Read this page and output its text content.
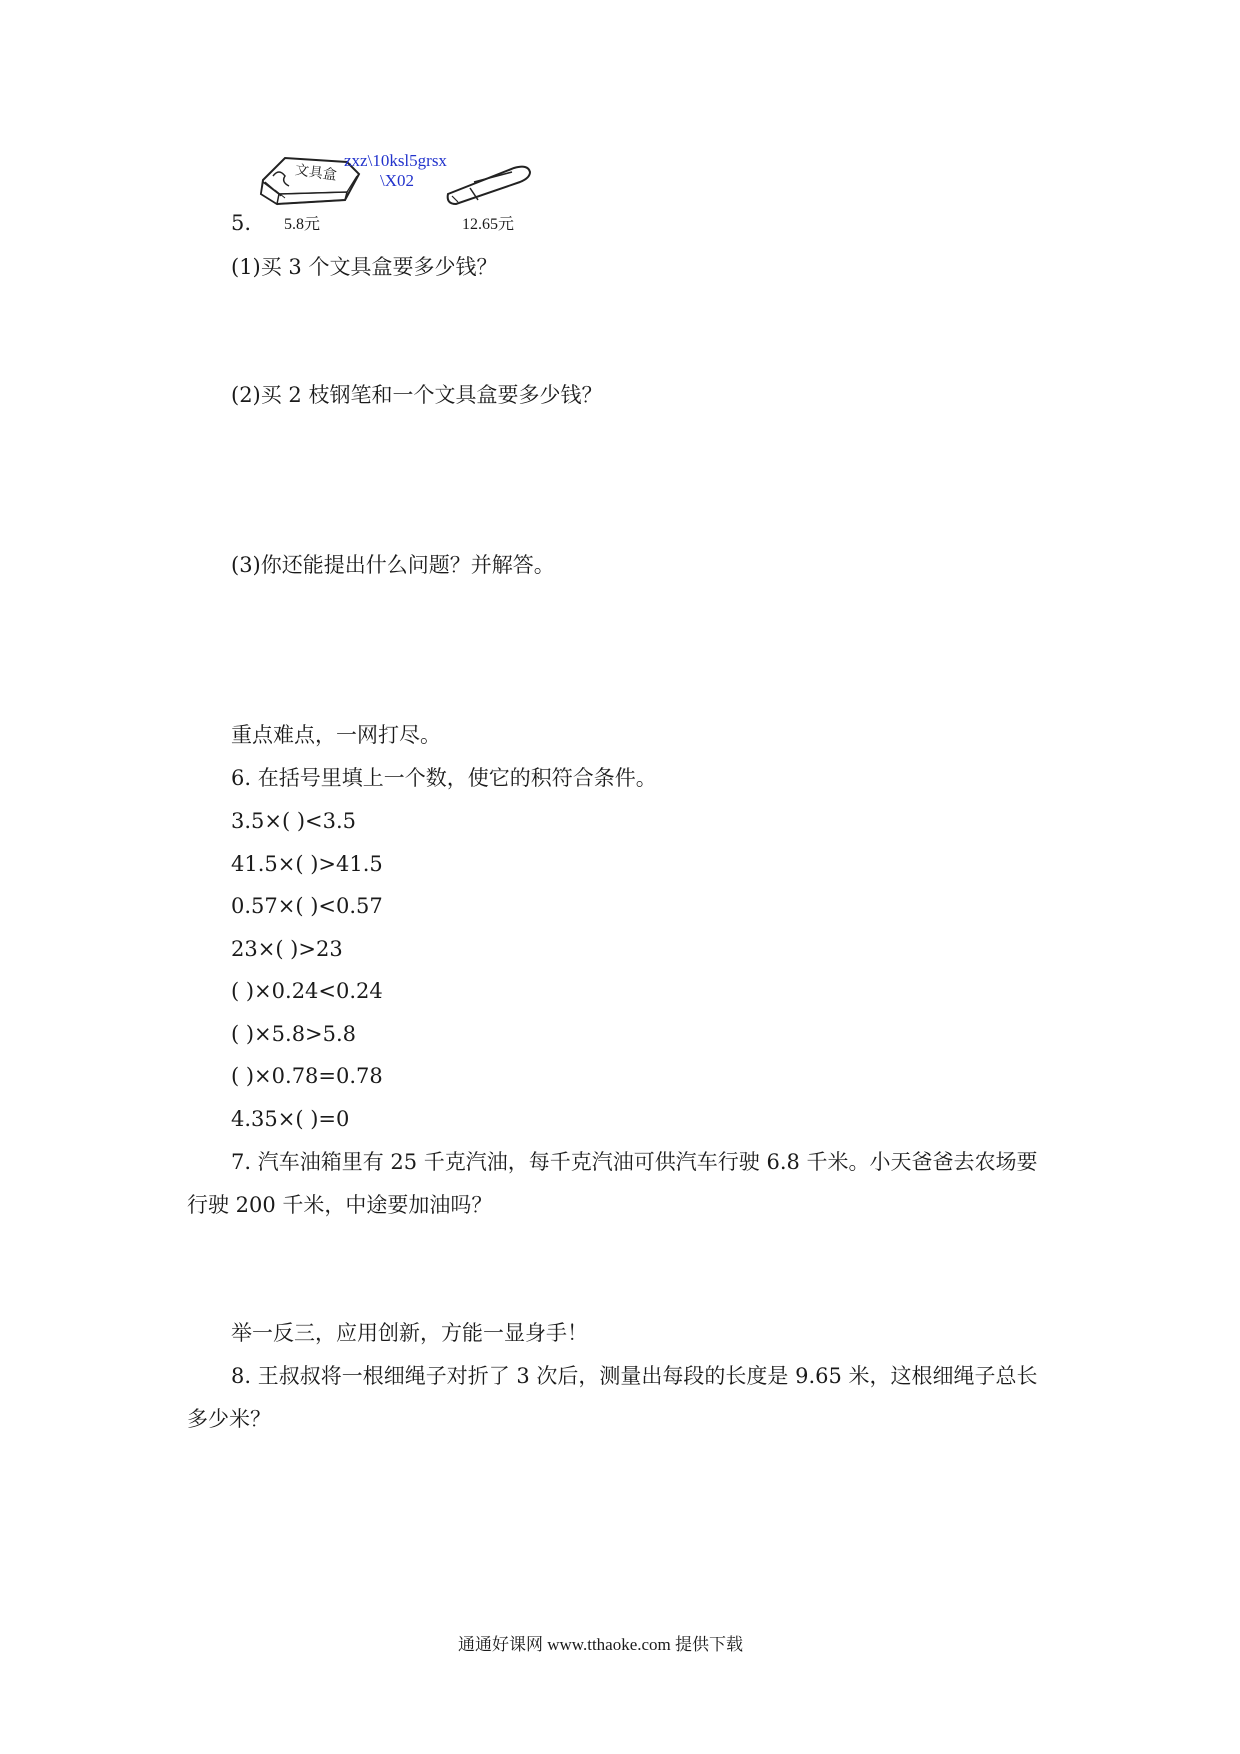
文具盒
zxz\10ksl5grsx
\X02
5. 5.8元	12.65元
(1)买 3 个文具盒要多少钱？
(2)买 2 枝钢笔和一个文具盒要多少钱？
(3)你还能提出什么问题？并解答。
重点难点，一网打尽。
6. 在括号里填上一个数，使它的积符合条件。
3.5×( )<3.5
41.5×( )>41.5
0.57×( )<0.57
23×( )>23
( )×0.24<0.24
( )×5.8>5.8
( )×0.78=0.78
4.35×( )=0
7. 汽车油箱里有 25 千克汽油，每千克汽油可供汽车行驶 6.8 千米。小天爸爸去农场要
行驶 200 千米，中途要加油吗？
举一反三，应用创新，方能一显身手！
8. 王叔叔将一根细绳子对折了 3 次后，测量出每段的长度是 9.65 米，这根细绳子总长
多少米？
通通好课网 www.tthaoke.com 提供下载
